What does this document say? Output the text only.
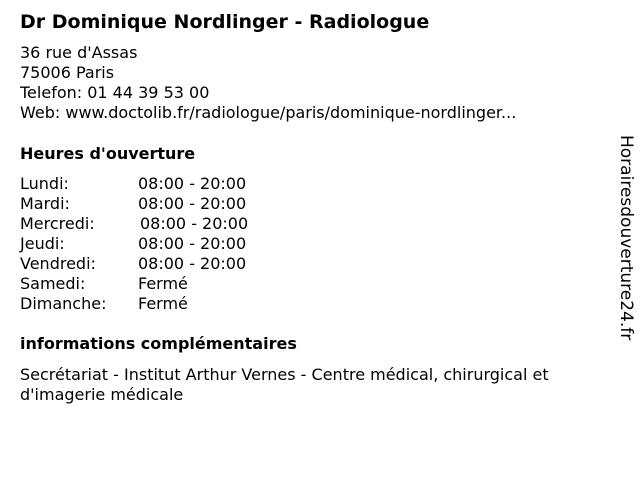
Dr Dominique Nordlinger - Radiologue
36 rue d'Assas
75006 Paris
Telefon: 01 44 39 53 00
Web: www.doctolib.fr/radiologue/paris/dominique-nordlinger...
Heures d'ouverture
Lundi:	08:00 - 20:00
Mardi:	08:00 - 20:00
Mercredi:	08:00 - 20:00
Jeudi:	08:00 - 20:00
Vendredi:	08:00 - 20:00
Samedi:	Fermé
Dimanche: Fermé
informations complémentaires
Secrétariat - Institut Arthur Vernes - Centre médical, chirurgical et d'imagerie médicale
Horairesdouverture24.fr
